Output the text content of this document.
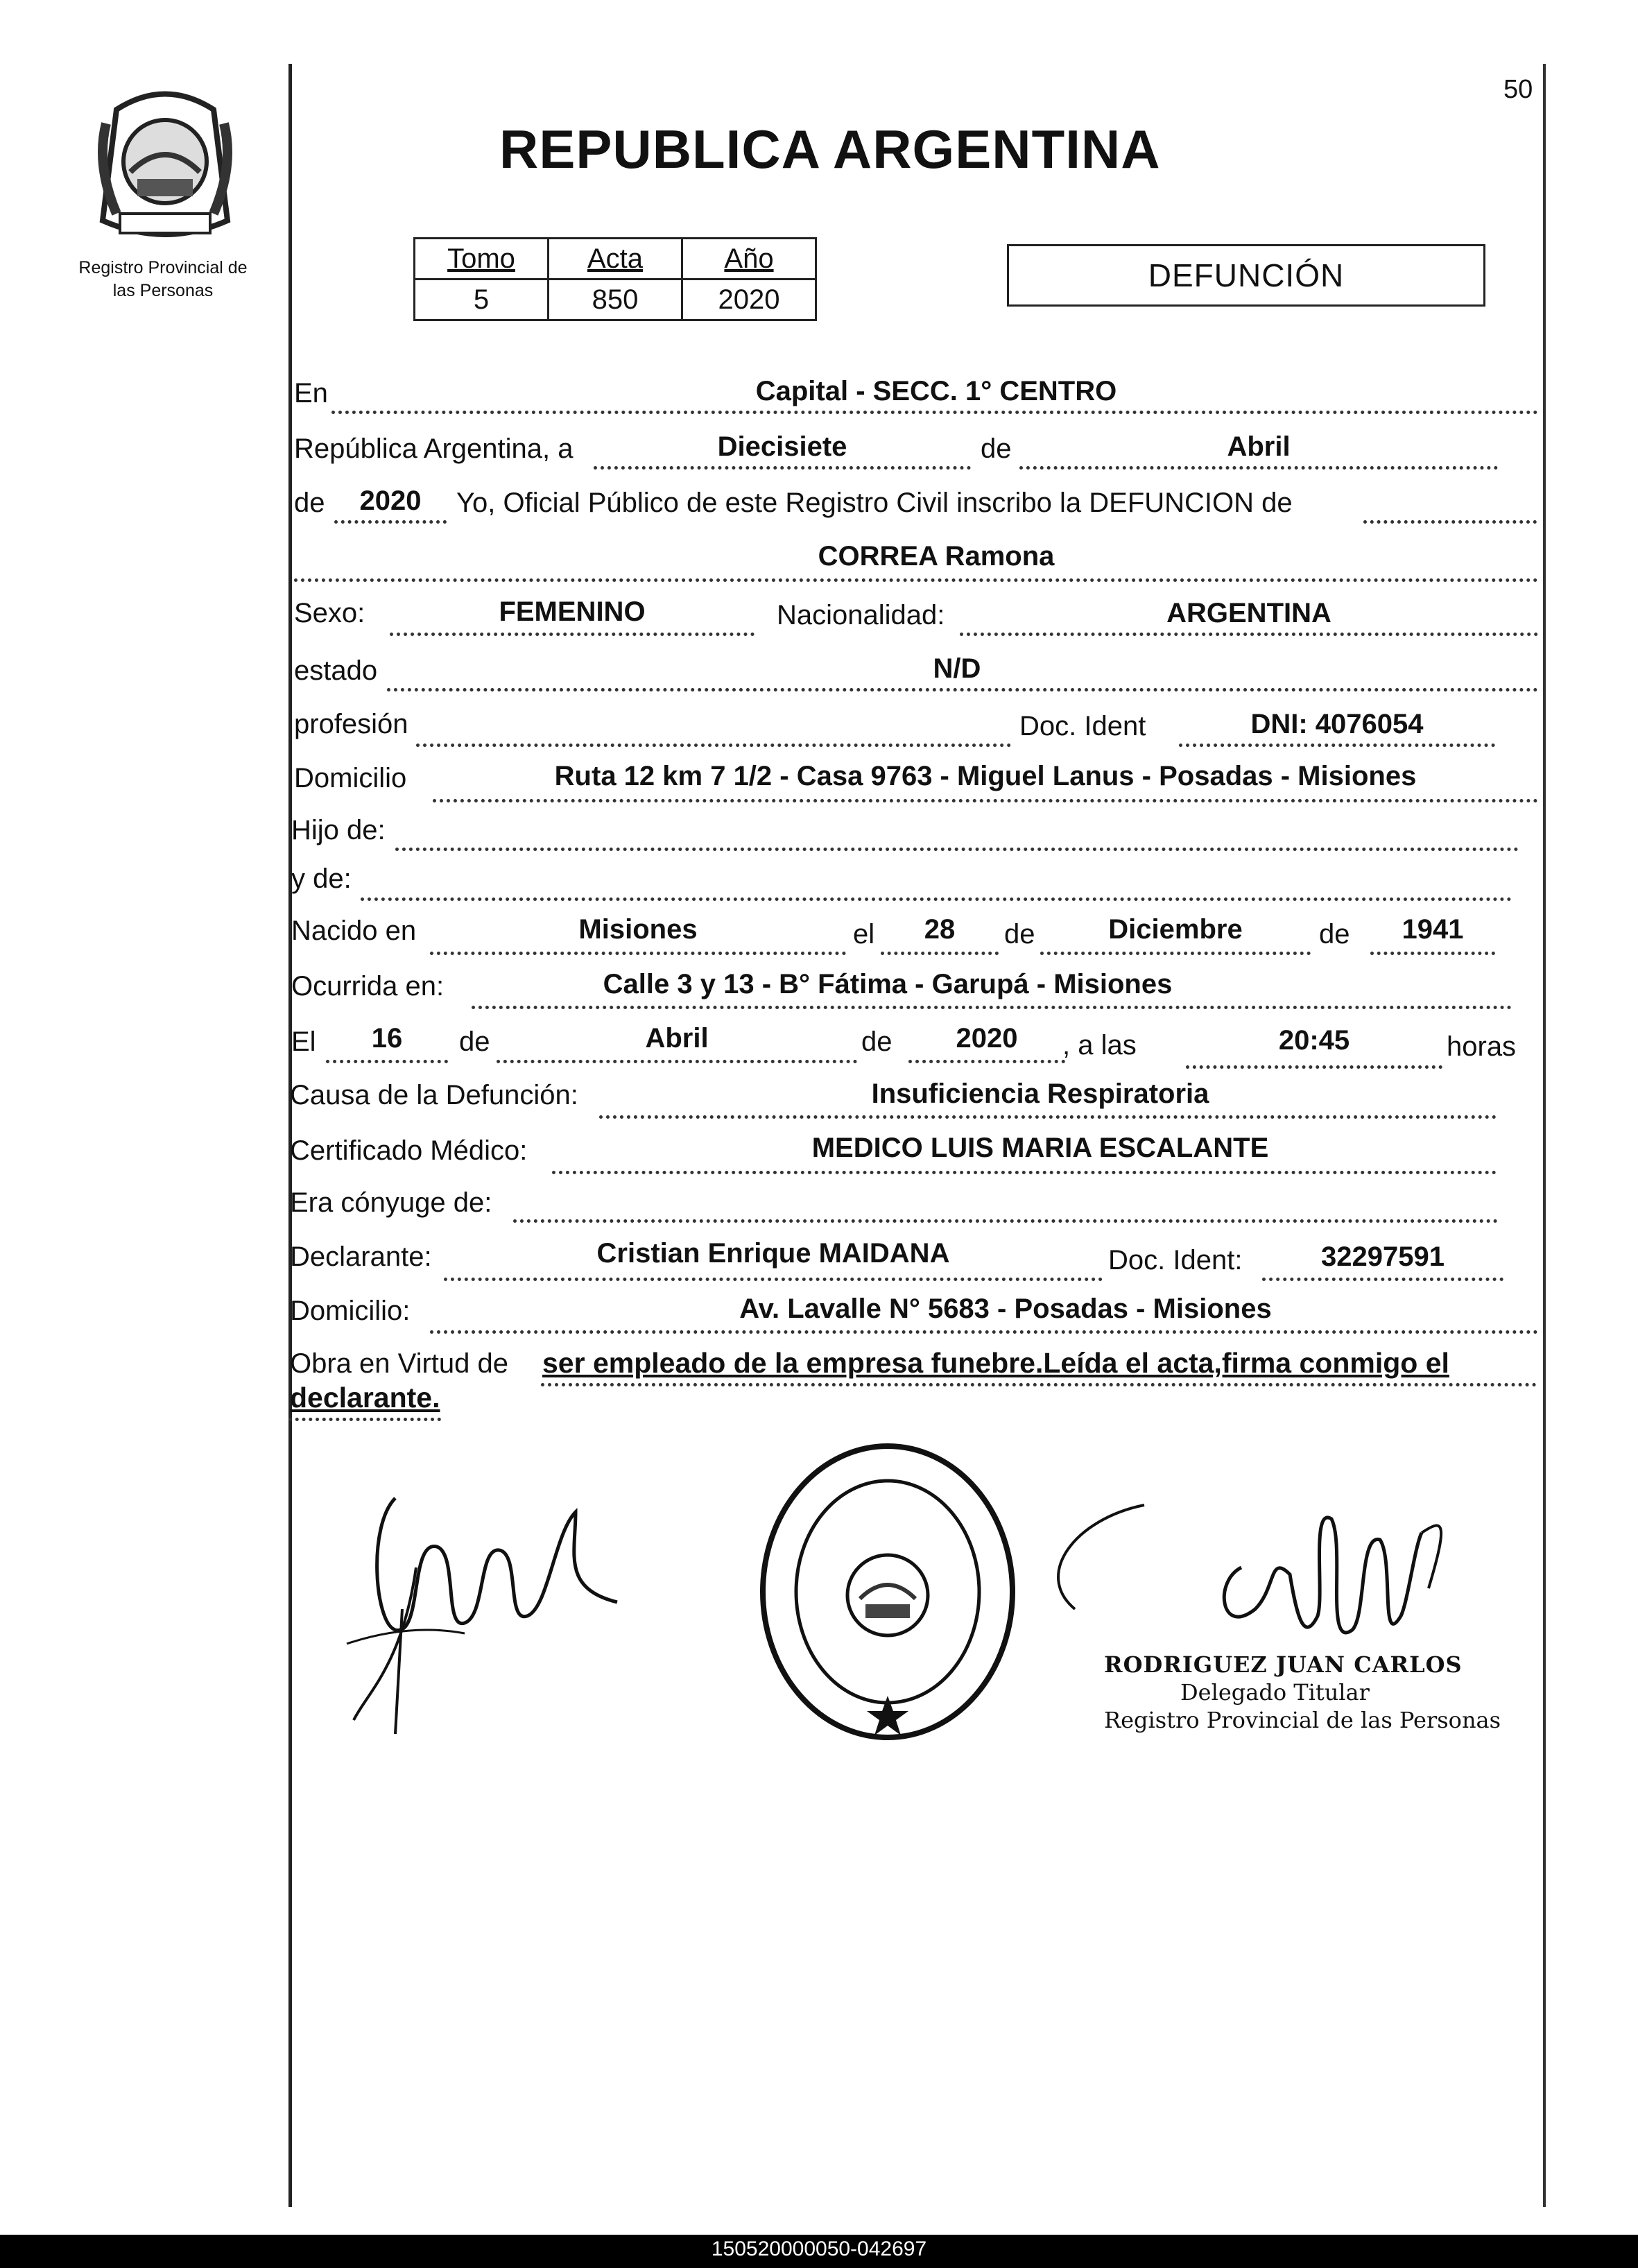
50
Registro Provincial de
las Personas
REPUBLICA ARGENTINA
Tomo	Acta	Año
5	850	2020
DEFUNCIÓN
En	Capital - SECC. 1° CENTRO
República Argentina, a	Diecisiete	de	Abril
de	2020	Yo, Oficial Público de este Registro Civil inscribo la DEFUNCION de
CORREA Ramona
Sexo:	FEMENINO	Nacionalidad:	ARGENTINA
estado	N/D
profesión	Doc. Ident	DNI: 4076054
Domicilio	Ruta 12 km 7 1/2 - Casa 9763 - Miguel Lanus - Posadas - Misiones
Hijo de:
y de:
Nacido en	Misiones	el	28	de	Diciembre	de	1941
Ocurrida en:	Calle 3 y 13 - B° Fátima - Garupá - Misiones
El	16	de	Abril	de	2020	, a las	20:45	horas
Causa de la Defunción:	Insuficiencia Respiratoria
Certificado Médico:	MEDICO LUIS MARIA ESCALANTE
Era cónyuge de:
Declarante:	Cristian Enrique MAIDANA	Doc. Ident:	32297591
Domicilio:	Av. Lavalle N° 5683 - Posadas - Misiones
Obra en Virtud de ser empleado de la empresa funebre.Leída el acta,firma conmigo el
declarante.
RODRIGUEZ JUAN CARLOS
Delegado Titular
Registro Provincial de las Personas
150520000050-042697
